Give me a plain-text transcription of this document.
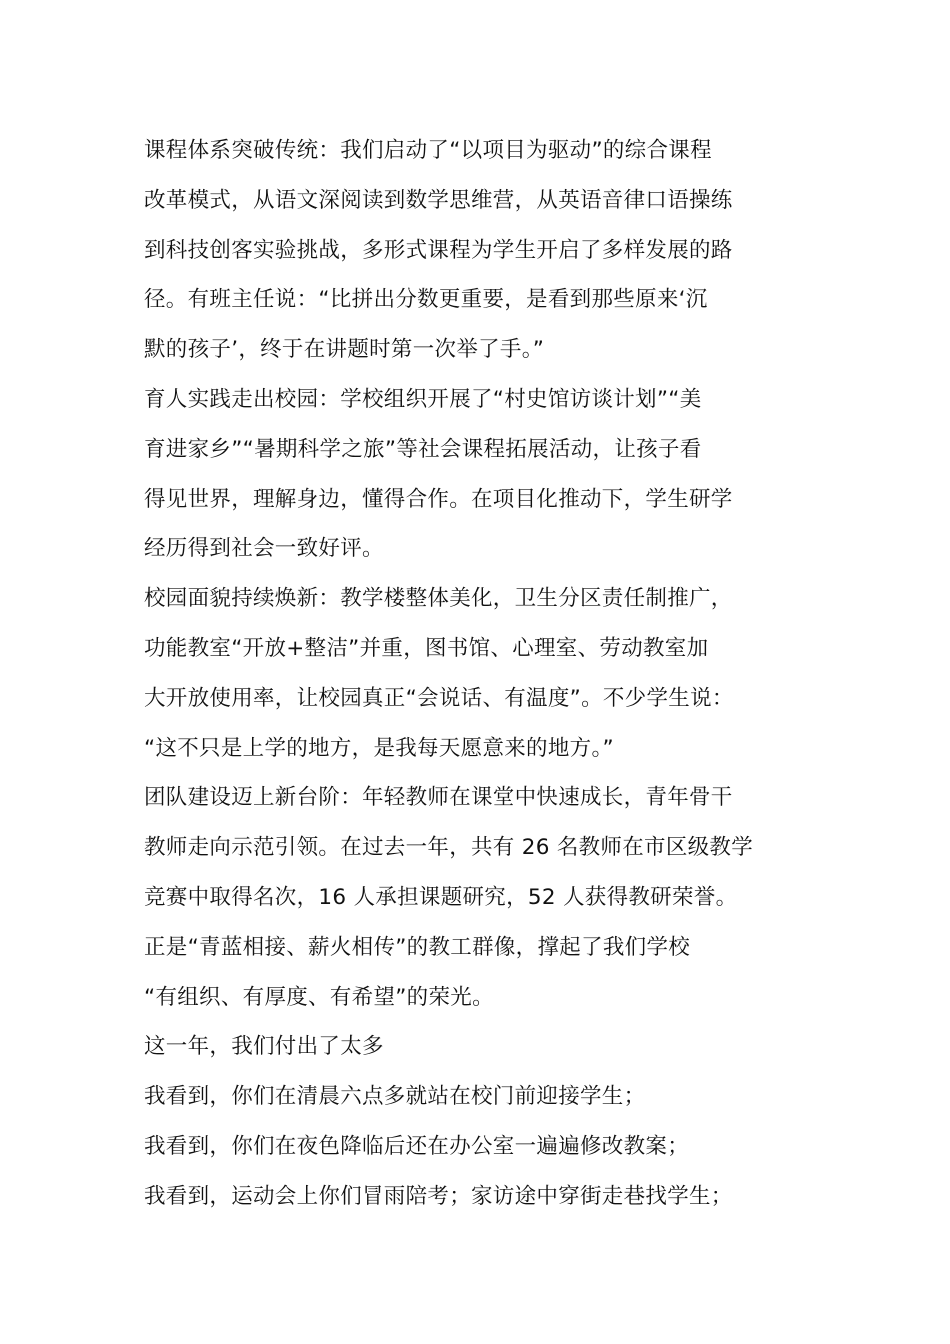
课程体系突破传统：我们启动了“以项目为驱动”的综合课程

改革模式，从语文深阅读到数学思维营，从英语音律口语操练

到科技创客实验挑战，多形式课程为学生开启了多样发展的路

径。有班主任说：“比拼出分数更重要，是看到那些原来‘沉

默的孩子’，终于在讲题时第一次举了手。”

育人实践走出校园：学校组织开展了“村史馆访谈计划”“美

育进家乡”“暑期科学之旅”等社会课程拓展活动，让孩子看

得见世界，理解身边，懂得合作。在项目化推动下，学生研学

经历得到社会一致好评。

校园面貌持续焕新：教学楼整体美化，卫生分区责任制推广，

功能教室“开放+整洁”并重，图书馆、心理室、劳动教室加

大开放使用率，让校园真正“会说话、有温度”。不少学生说：

“这不只是上学的地方，是我每天愿意来的地方。”

团队建设迈上新台阶：年轻教师在课堂中快速成长，青年骨干

教师走向示范引领。在过去一年，共有 26 名教师在市区级教学

竞赛中取得名次，16 人承担课题研究，52 人获得教研荣誉。

正是“青蓝相接、薪火相传”的教工群像，撑起了我们学校

“有组织、有厚度、有希望”的荣光。

这一年，我们付出了太多

我看到，你们在清晨六点多就站在校门前迎接学生；

我看到，你们在夜色降临后还在办公室一遍遍修改教案；

我看到，运动会上你们冒雨陪考；家访途中穿街走巷找学生；
